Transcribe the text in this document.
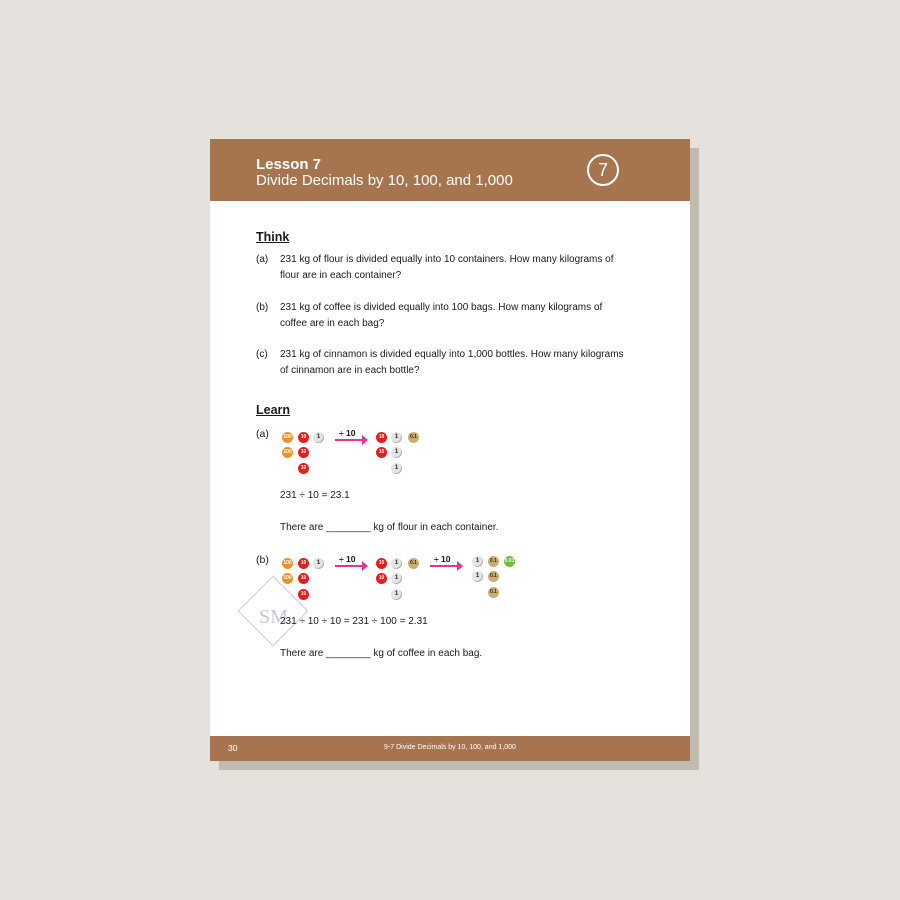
Lesson 7
Divide Decimals by 10, 100, and 1,000
7
Think
(a) 231 kg of flour is divided equally into 10 containers. How many kilograms of flour are in each container?
(b) 231 kg of coffee is divided equally into 100 bags. How many kilograms of coffee are in each bag?
(c) 231 kg of cinnamon is divided equally into 1,000 bottles. How many kilograms of cinnamon are in each bottle?
Learn
(a)	100	10	1
100	10
10
÷ 10	10	1	0.1
10	1
1
231 ÷ 10 = 23.1
There are ________ kg of flour in each container.
(b)	100	10	1
100	10
10
÷ 10	10	1	0.1
10	1
1
÷ 10	1	0.1	0.01
1	0.1
0.1
SM
231 ÷ 10 ÷ 10 = 231 ÷ 100 = 2.31
There are ________ kg of coffee in each bag.
30	9-7 Divide Decimals by 10, 100, and 1,000
